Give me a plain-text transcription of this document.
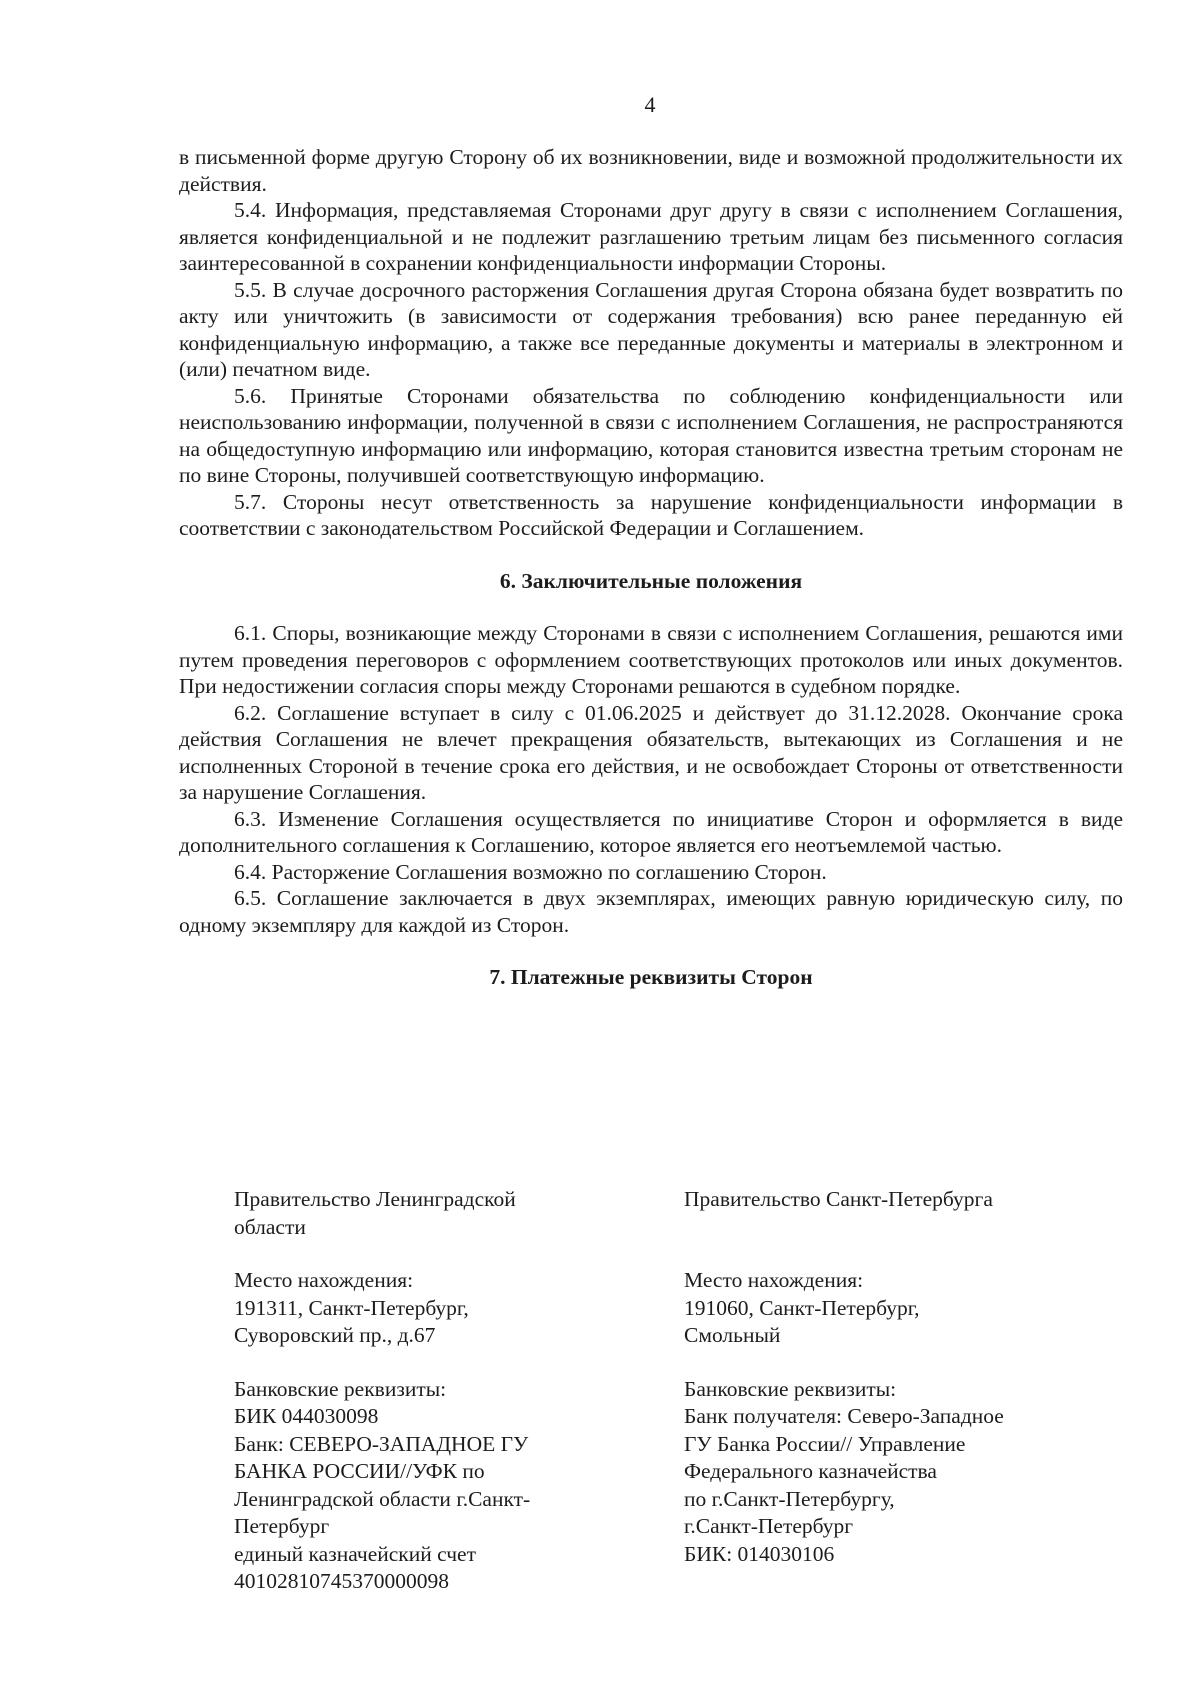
4

в письменной форме другую Сторону об их возникновении, виде и возможной продолжительности их действия.

5.4. Информация, представляемая Сторонами друг другу в связи с исполнением Соглашения, является конфиденциальной и не подлежит разглашению третьим лицам без письменного согласия заинтересованной в сохранении конфиденциальности информации Стороны.

5.5. В случае досрочного расторжения Соглашения другая Сторона обязана будет возвратить по акту или уничтожить (в зависимости от содержания требования) всю ранее переданную ей конфиденциальную информацию, а также все переданные документы и материалы в электронном и (или) печатном виде.

5.6. Принятые Сторонами обязательства по соблюдению конфиденциальности или неиспользованию информации, полученной в связи с исполнением Соглашения, не распространяются на общедоступную информацию или информацию, которая становится известна третьим сторонам не по вине Стороны, получившей соответствующую информацию.

5.7. Стороны несут ответственность за нарушение конфиденциальности информации в соответствии с законодательством Российской Федерации и Соглашением.

6. Заключительные положения

6.1. Споры, возникающие между Сторонами в связи с исполнением Соглашения, решаются ими путем проведения переговоров с оформлением соответствующих протоколов или иных документов. При недостижении согласия споры между Сторонами решаются в судебном порядке.

6.2. Соглашение вступает в силу с 01.06.2025 и действует до 31.12.2028. Окончание срока действия Соглашения не влечет прекращения обязательств, вытекающих из Соглашения и не исполненных Стороной в течение срока его действия, и не освобождает Стороны от ответственности за нарушение Соглашения.

6.3. Изменение Соглашения осуществляется по инициативе Сторон и оформляется в виде дополнительного соглашения к Соглашению, которое является его неотъемлемой частью.

6.4. Расторжение Соглашения возможно по соглашению Сторон.

6.5. Соглашение заключается в двух экземплярах, имеющих равную юридическую силу, по одному экземпляру для каждой из Сторон.

7. Платежные реквизиты Сторон
Правительство Ленинградской
области
Место нахождения:
191311, Санкт-Петербург,
Суворовский пр., д.67
Банковские реквизиты:
БИК 044030098
Банк: СЕВЕРО-ЗАПАДНОЕ ГУ
БАНКА РОССИИ//УФК по
Ленинградской области г.Санкт-
Петербург
единый казначейский счет
40102810745370000098
Правительство Санкт-Петербурга

Место нахождения:
191060, Санкт-Петербург,
Смольный
Банковские реквизиты:
Банк получателя: Северо-Западное
ГУ Банка России// Управление
Федерального казначейства
по г.Санкт-Петербургу,
г.Санкт-Петербург
БИК: 014030106
